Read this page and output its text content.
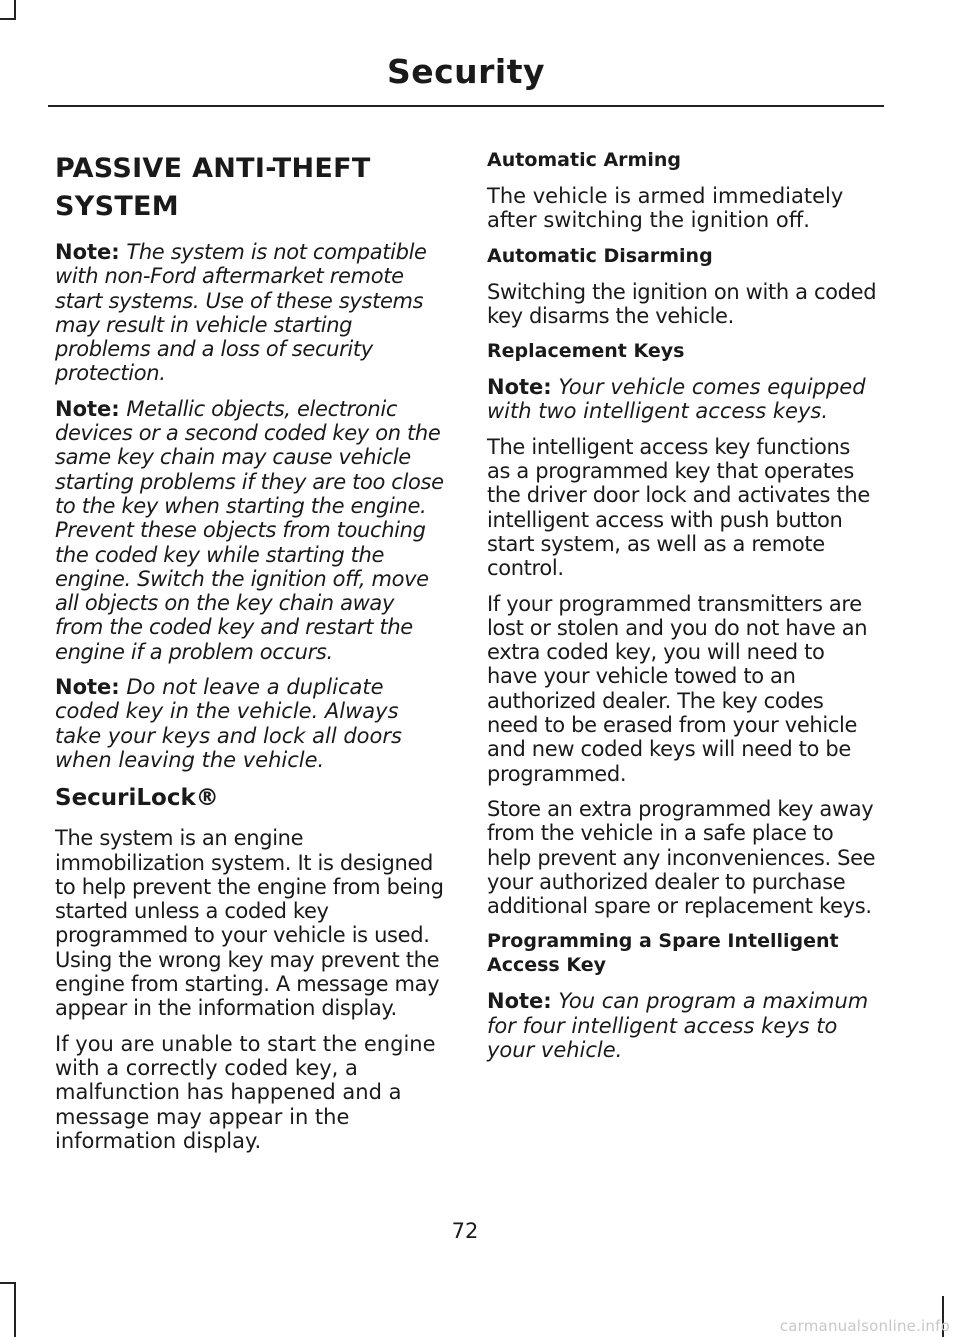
Security
PASSIVE ANTI-THEFT SYSTEM

Note: The system is not compatible with non-Ford aftermarket remote start systems. Use of these systems may result in vehicle starting problems and a loss of security protection.

Note: Metallic objects, electronic devices or a second coded key on the same key chain may cause vehicle starting problems if they are too close to the key when starting the engine. Prevent these objects from touching the coded key while starting the engine. Switch the ignition off, move all objects on the key chain away from the coded key and restart the engine if a problem occurs.

Note: Do not leave a duplicate coded key in the vehicle. Always take your keys and lock all doors when leaving the vehicle.

SecuriLock®

The system is an engine immobilization system. It is designed to help prevent the engine from being started unless a coded key programmed to your vehicle is used. Using the wrong key may prevent the engine from starting. A message may appear in the information display.

If you are unable to start the engine with a correctly coded key, a malfunction has happened and a message may appear in the information display.

Automatic Arming

The vehicle is armed immediately after switching the ignition off.

Automatic Disarming

Switching the ignition on with a coded key disarms the vehicle.

Replacement Keys

Note: Your vehicle comes equipped with two intelligent access keys.

The intelligent access key functions as a programmed key that operates the driver door lock and activates the intelligent access with push button start system, as well as a remote control.

If your programmed transmitters are lost or stolen and you do not have an extra coded key, you will need to have your vehicle towed to an authorized dealer. The key codes need to be erased from your vehicle and new coded keys will need to be programmed.

Store an extra programmed key away from the vehicle in a safe place to help prevent any inconveniences. See your authorized dealer to purchase additional spare or replacement keys.

Programming a Spare Intelligent Access Key

Note: You can program a maximum for four intelligent access keys to your vehicle.

72
carmanualsonline.info
